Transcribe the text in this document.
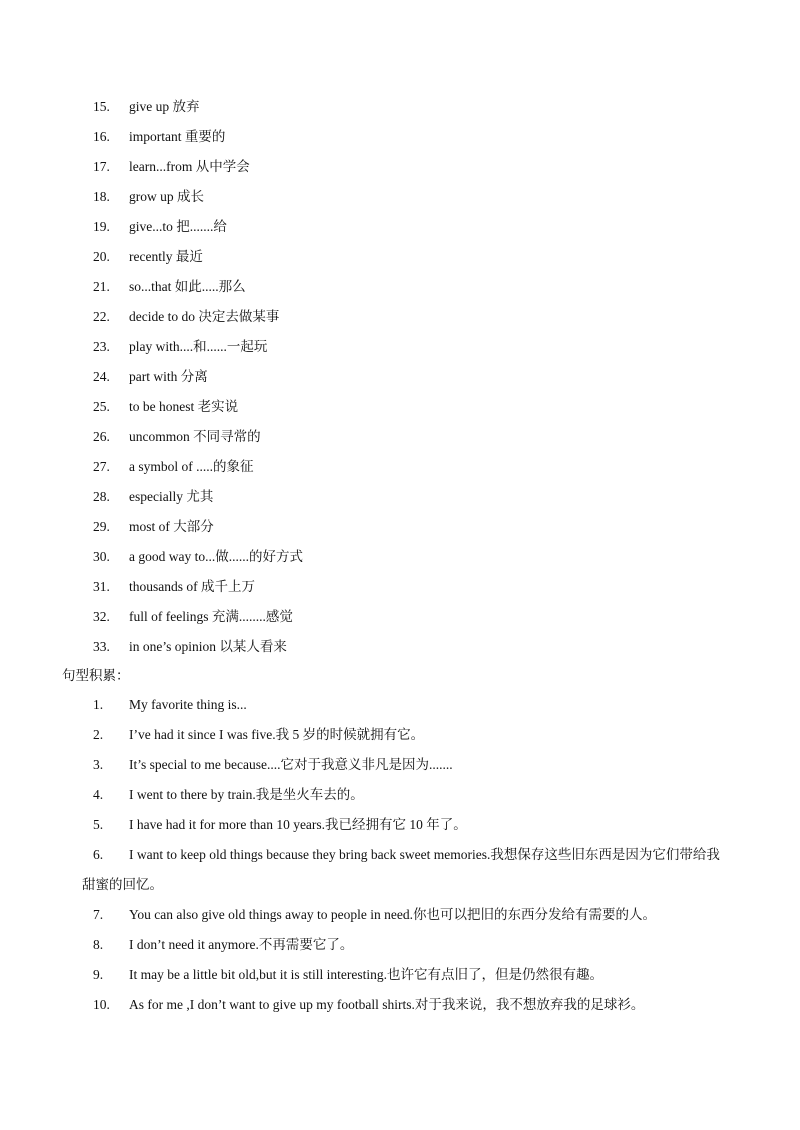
15.	give up 放弃
16.	important 重要的
17.	learn...from 从中学会
18.	grow up 成长
19.	give...to 把.......给
20.	recently 最近
21.	so...that 如此.....那么
22.	decide to do 决定去做某事
23.	play with....和......一起玩
24.	part with 分离
25.	to be honest 老实说
26.	uncommon 不同寻常的
27.	a symbol of .....的象征
28.	especially 尤其
29.	most of 大部分
30.	a good way to...做......的好方式
31.	thousands of 成千上万
32.	full of feelings 充满........感觉
33.	in one’s opinion 以某人看来
句型积累：
1.	My favorite thing is...
2.	I’ve had it since I was five.我 5 岁的时候就拥有它。
3.	It’s special to me because....它对于我意义非凡是因为.......
4.	I went to there by train.我是坐火车去的。
5.	I have had it for more than 10 years.我已经拥有它 10 年了。
6.	I want to keep old things because they bring back sweet memories.我想保存这些旧东西是因为它们带给我甜蜜的回忆。
7.	You can also give old things away to people in need.你也可以把旧的东西分发给有需要的人。
8.	I don’t need it anymore.不再需要它了。
9.	It may be a little bit old,but it is still interesting.也许它有点旧了，但是仍然很有趣。
10.	As for me ,I don’t want to give up my football shirts.对于我来说，我不想放弃我的足球衫。
